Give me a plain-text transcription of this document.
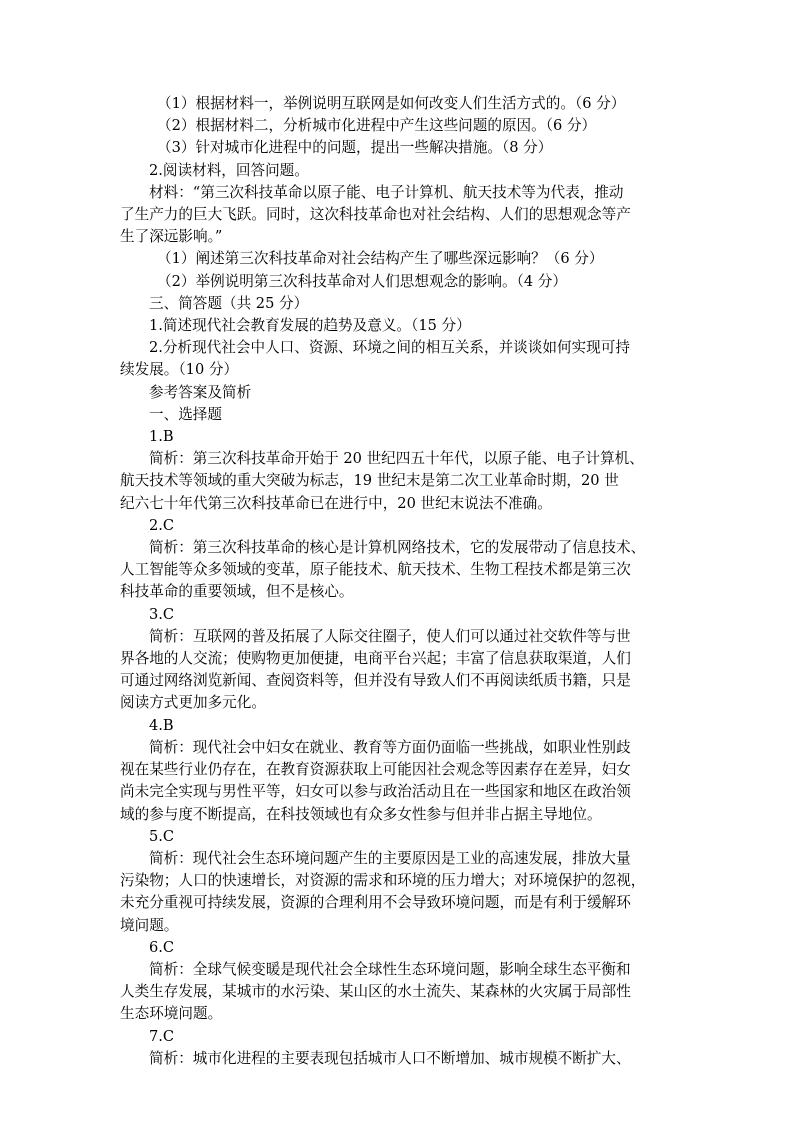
（1）根据材料一，举例说明互联网是如何改变人们生活方式的。（6 分）
（2）根据材料二，分析城市化进程中产生这些问题的原因。（6 分）
（3）针对城市化进程中的问题，提出一些解决措施。（8 分）
2.阅读材料，回答问题。
材料：“第三次科技革命以原子能、电子计算机、航天技术等为代表，推动
了生产力的巨大飞跃。同时，这次科技革命也对社会结构、人们的思想观念等产
生了深远影响。”
（1）阐述第三次科技革命对社会结构产生了哪些深远影响？（6 分）
（2）举例说明第三次科技革命对人们思想观念的影响。（4 分）
三、简答题（共 25 分）
1.简述现代社会教育发展的趋势及意义。（15 分）
2.分析现代社会中人口、资源、环境之间的相互关系，并谈谈如何实现可持
续发展。（10 分）
参考答案及简析
一、选择题
1.B
简析：第三次科技革命开始于 20 世纪四五十年代，以原子能、电子计算机、
航天技术等领域的重大突破为标志，19 世纪末是第二次工业革命时期，20 世
纪六七十年代第三次科技革命已在进行中，20 世纪末说法不准确。
2.C
简析：第三次科技革命的核心是计算机网络技术，它的发展带动了信息技术、
人工智能等众多领域的变革，原子能技术、航天技术、生物工程技术都是第三次
科技革命的重要领域，但不是核心。
3.C
简析：互联网的普及拓展了人际交往圈子，使人们可以通过社交软件等与世
界各地的人交流；使购物更加便捷，电商平台兴起；丰富了信息获取渠道，人们
可通过网络浏览新闻、查阅资料等，但并没有导致人们不再阅读纸质书籍，只是
阅读方式更加多元化。
4.B
简析：现代社会中妇女在就业、教育等方面仍面临一些挑战，如职业性别歧
视在某些行业仍存在，在教育资源获取上可能因社会观念等因素存在差异，妇女
尚未完全实现与男性平等，妇女可以参与政治活动且在一些国家和地区在政治领
域的参与度不断提高，在科技领域也有众多女性参与但并非占据主导地位。
5.C
简析：现代社会生态环境问题产生的主要原因是工业的高速发展，排放大量
污染物；人口的快速增长，对资源的需求和环境的压力增大；对环境保护的忽视，
未充分重视可持续发展，资源的合理利用不会导致环境问题，而是有利于缓解环
境问题。
6.C
简析：全球气候变暖是现代社会全球性生态环境问题，影响全球生态平衡和
人类生存发展，某城市的水污染、某山区的水土流失、某森林的火灾属于局部性
生态环境问题。
7.C
简析：城市化进程的主要表现包括城市人口不断增加、城市规模不断扩大、
